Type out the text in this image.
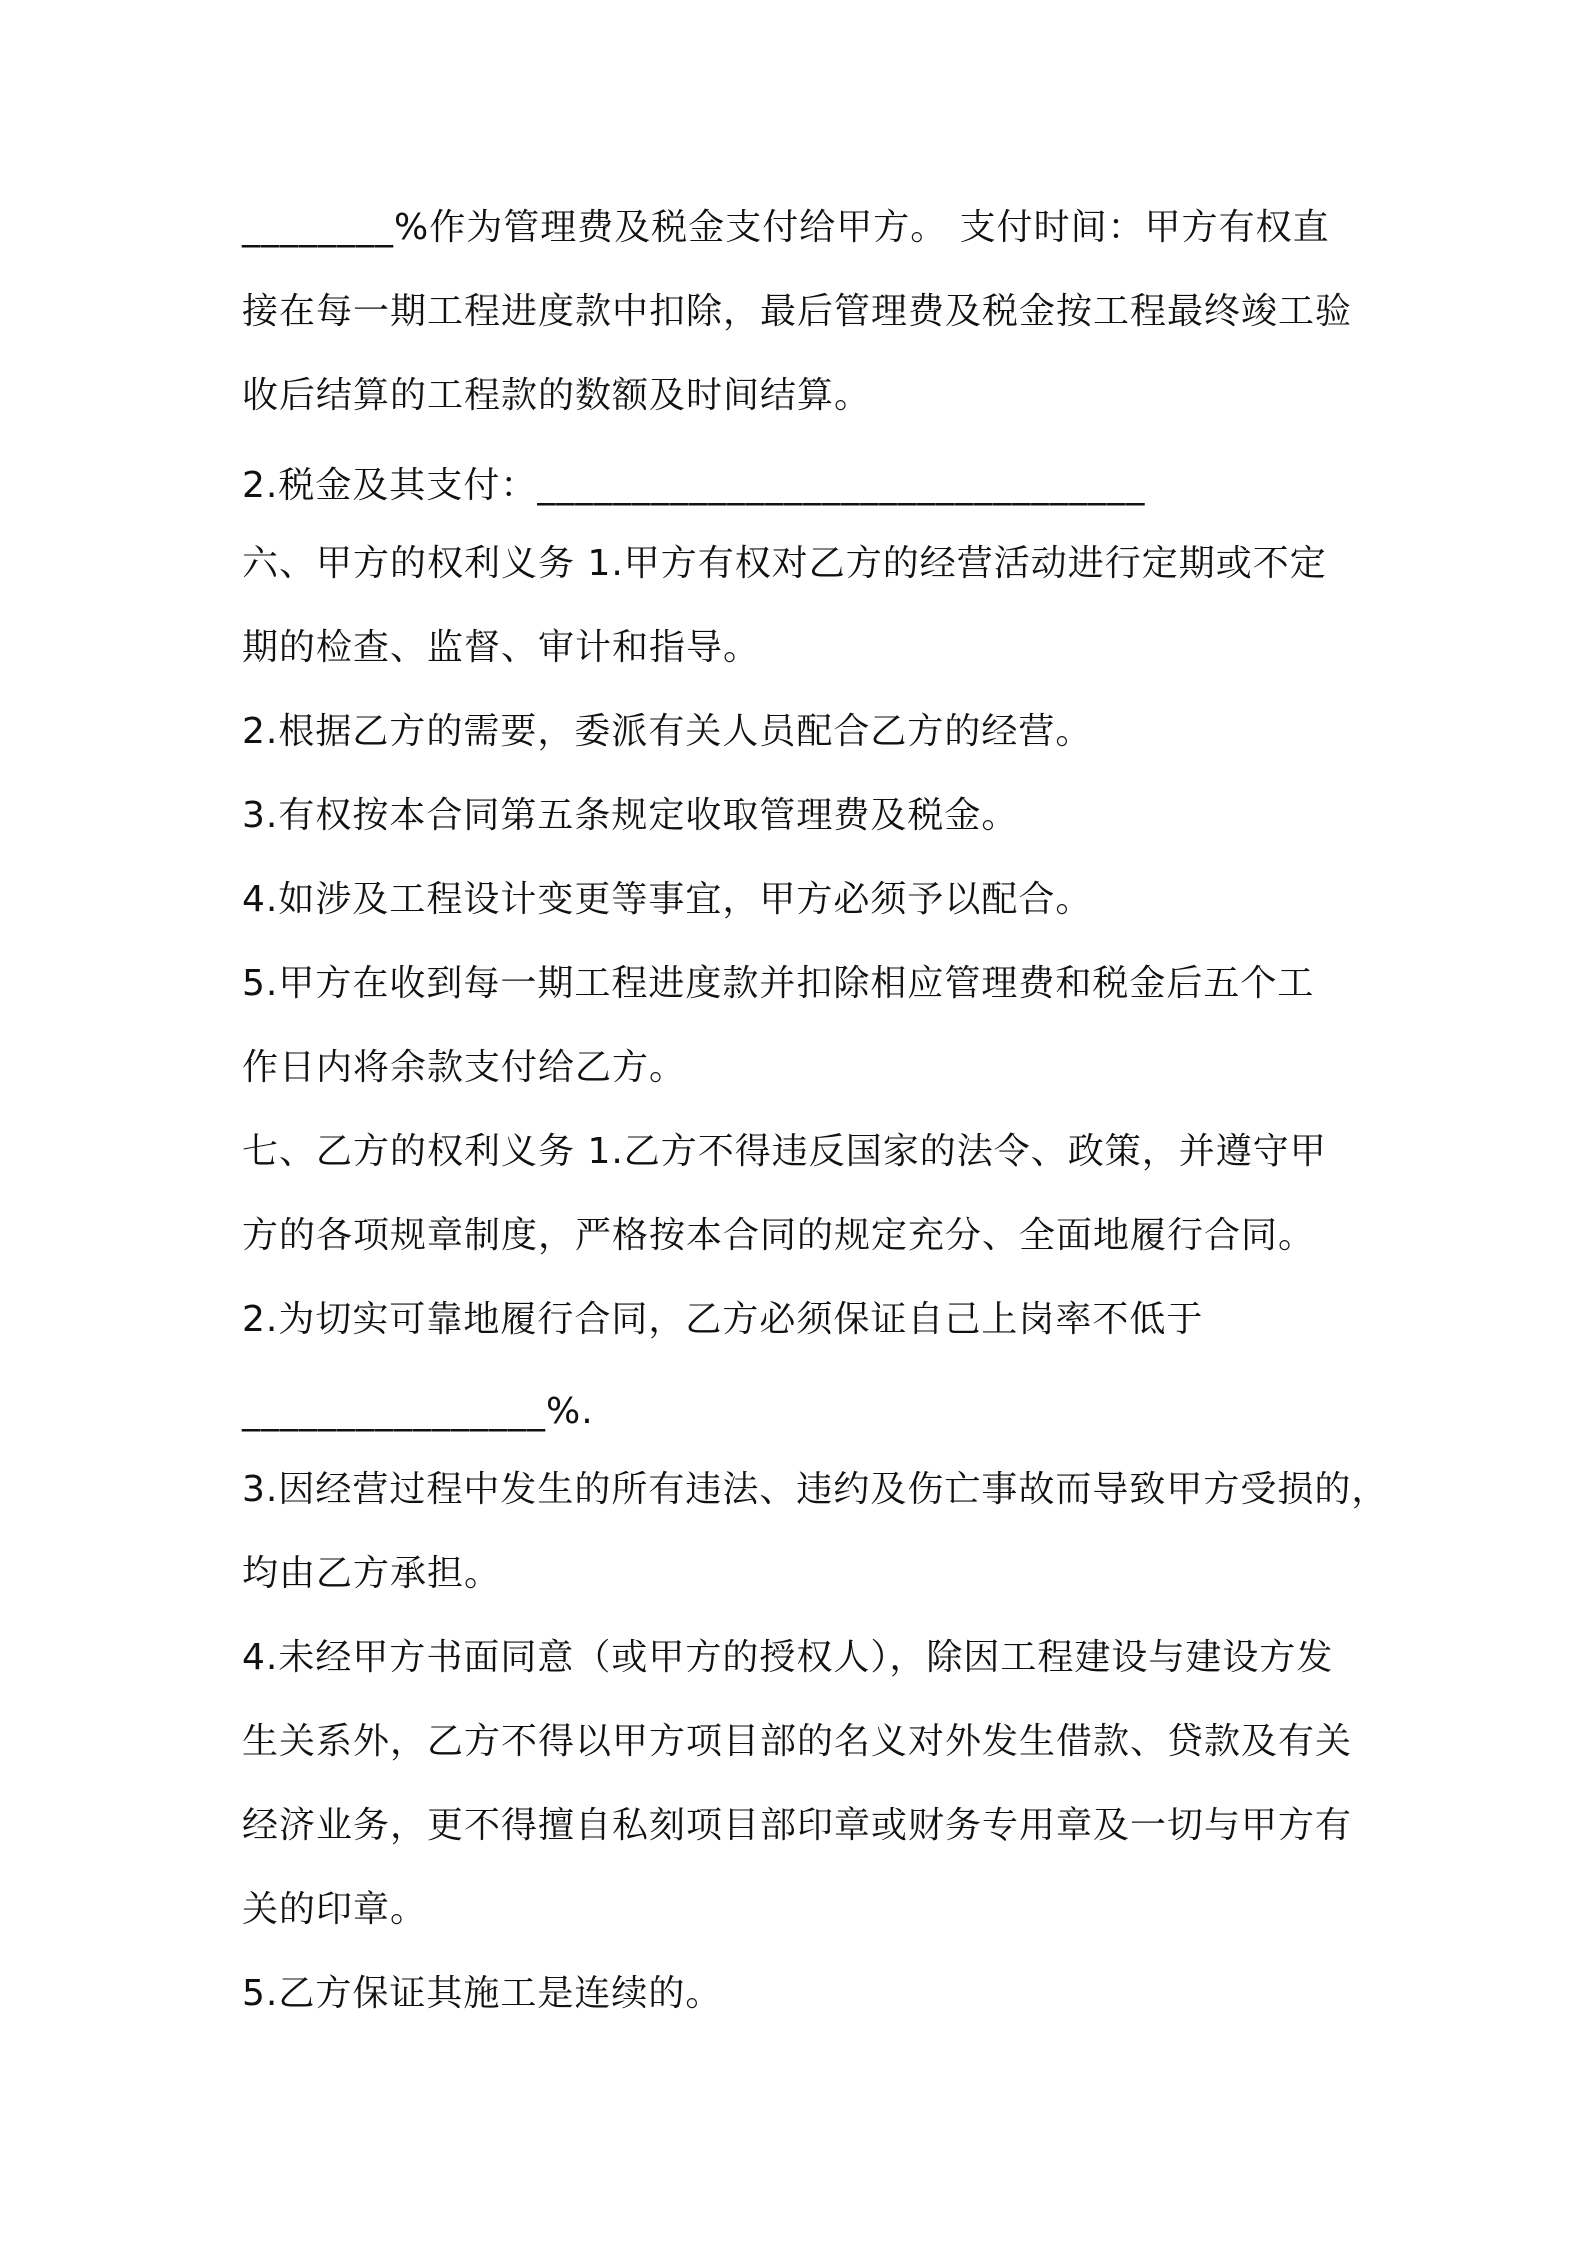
________%作为管理费及税金支付给甲方。 支付时间：甲方有权直
接在每一期工程进度款中扣除，最后管理费及税金按工程最终竣工验
收后结算的工程款的数额及时间结算。
2.税金及其支付：________________________________
六、甲方的权利义务 1.甲方有权对乙方的经营活动进行定期或不定
期的检查、监督、审计和指导。
2.根据乙方的需要，委派有关人员配合乙方的经营。
3.有权按本合同第五条规定收取管理费及税金。
4.如涉及工程设计变更等事宜，甲方必须予以配合。
5.甲方在收到每一期工程进度款并扣除相应管理费和税金后五个工
作日内将余款支付给乙方。
七、乙方的权利义务 1.乙方不得违反国家的法令、政策，并遵守甲
方的各项规章制度，严格按本合同的规定充分、全面地履行合同。
2.为切实可靠地履行合同，乙方必须保证自己上岗率不低于
________________%.
3.因经营过程中发生的所有违法、违约及伤亡事故而导致甲方受损的，
均由乙方承担。
4.未经甲方书面同意（或甲方的授权人），除因工程建设与建设方发
生关系外，乙方不得以甲方项目部的名义对外发生借款、贷款及有关
经济业务，更不得擅自私刻项目部印章或财务专用章及一切与甲方有
关的印章。
5.乙方保证其施工是连续的。
